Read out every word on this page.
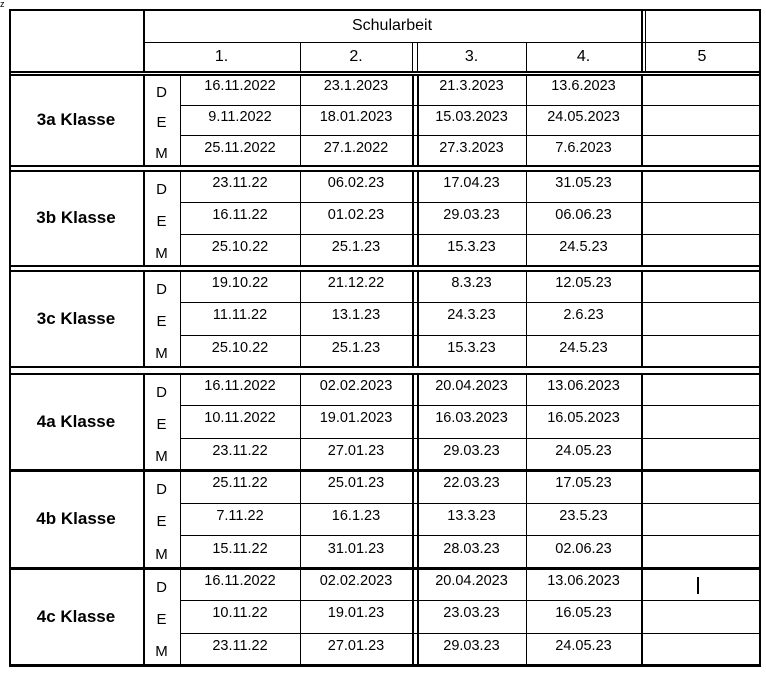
z
Schularbeit
1.	2.	3.	4.	5
3a Klasse
D	16.11.2022	23.1.2023	21.3.2023	13.6.2023
E	9.11.2022	18.01.2023	15.03.2023	24.05.2023
M	25.11.2022	27.1.2022	27.3.2023	7.6.2023
3b Klasse
D	23.11.22	06.02.23	17.04.23	31.05.23
E	16.11.22	01.02.23	29.03.23	06.06.23
M	25.10.22	25.1.23	15.3.23	24.5.23
3c Klasse
D	19.10.22	21.12.22	8.3.23	12.05.23
E	11.11.22	13.1.23	24.3.23	2.6.23
M	25.10.22	25.1.23	15.3.23	24.5.23
4a Klasse
D	16.11.2022	02.02.2023	20.04.2023	13.06.2023
E	10.11.2022	19.01.2023	16.03.2023	16.05.2023
M	23.11.22	27.01.23	29.03.23	24.05.23
4b Klasse
D	25.11.22	25.01.23	22.03.23	17.05.23
E	7.11.22	16.1.23	13.3.23	23.5.23
M	15.11.22	31.01.23	28.03.23	02.06.23
4c Klasse
D	16.11.2022	02.02.2023	20.04.2023	13.06.2023
E	10.11.22	19.01.23	23.03.23	16.05.23
M	23.11.22	27.01.23	29.03.23	24.05.23
